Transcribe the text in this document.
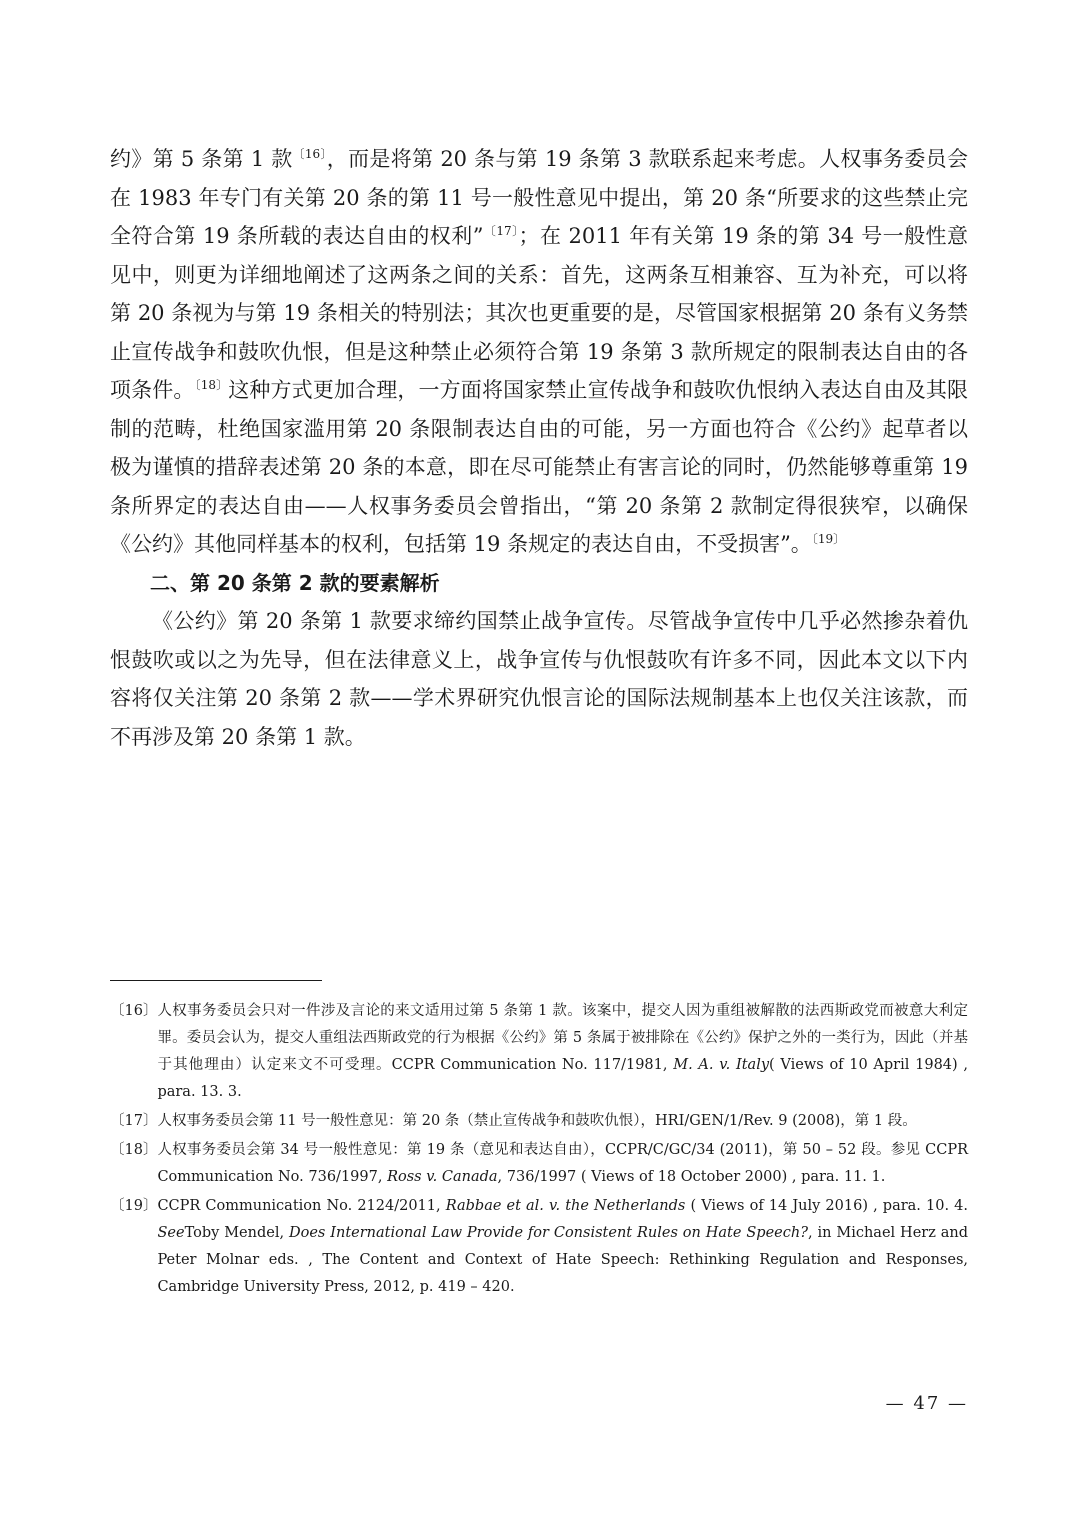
约》第 5 条第 1 款$^{〔16〕}$，而是将第 20 条与第 19 条第 3 款联系起来考虑。人权事务委员会在 1983 年专门有关第 20 条的第 11 号一般性意见中提出，第 20 条“所要求的这些禁止完全符合第 19 条所载的表达自由的权利”$^{〔17〕}$；在 2011 年有关第 19 条的第 34 号一般性意见中，则更为详细地阐述了这两条之间的关系：首先，这两条互相兼容、互为补充，可以将第 20 条视为与第 19 条相关的特别法；其次也更重要的是，尽管国家根据第 20 条有义务禁止宣传战争和鼓吹仇恨，但是这种禁止必须符合第 19 条第 3 款所规定的限制表达自由的各项条件。$^{〔18〕}$这种方式更加合理，一方面将国家禁止宣传战争和鼓吹仇恨纳入表达自由及其限制的范畴，杜绝国家滥用第 20 条限制表达自由的可能，另一方面也符合《公约》起草者以极为谨慎的措辞表述第 20 条的本意，即在尽可能禁止有害言论的同时，仍然能够尊重第 19 条所界定的表达自由——人权事务委员会曾指出，“第 20 条第 2 款制定得很狭窄，以确保《公约》其他同样基本的权利，包括第 19 条规定的表达自由，不受损害”。$^{〔19〕}$

二、第 20 条第 2 款的要素解析

《公约》第 20 条第 1 款要求缔约国禁止战争宣传。尽管战争宣传中几乎必然掺杂着仇恨鼓吹或以之为先导，但在法律意义上，战争宣传与仇恨鼓吹有许多不同，因此本文以下内容将仅关注第 20 条第 2 款——学术界研究仇恨言论的国际法规制基本上也仅关注该款，而不再涉及第 20 条第 1 款。

〔16〕 人权事务委员会只对一件涉及言论的来文适用过第 5 条第 1 款。该案中，提交人因为重组被解散的法西斯政党而被意大利定罪。委员会认为，提交人重组法西斯政党的行为根据《公约》第 5 条属于被排除在《公约》保护之外的一类行为，因此（并基于其他理由）认定来文不可受理。CCPR Communication No. 117/1981, M. A. v. Italy( Views of 10 April 1984) , para. 13. 3.
〔17〕 人权事务委员会第 11 号一般性意见：第 20 条（禁止宣传战争和鼓吹仇恨），HRI/GEN/1/Rev. 9 (2008)，第 1 段。
〔18〕 人权事务委员会第 34 号一般性意见：第 19 条（意见和表达自由），CCPR/C/GC/34 (2011)，第 50 – 52 段。参见 CCPR Communication No. 736/1997, Ross v. Canada, 736/1997 ( Views of 18 October 2000) , para. 11. 1.
〔19〕 CCPR Communication No. 2124/2011, Rabbae et al. v. the Netherlands ( Views of 14 July 2016) , para. 10. 4. SeeToby Mendel, Does International Law Provide for Consistent Rules on Hate Speech?, in Michael Herz and Peter Molnar eds. , The Content and Context of Hate Speech: Rethinking Regulation and Responses, Cambridge University Press, 2012, p. 419 – 420.
— 47 —
